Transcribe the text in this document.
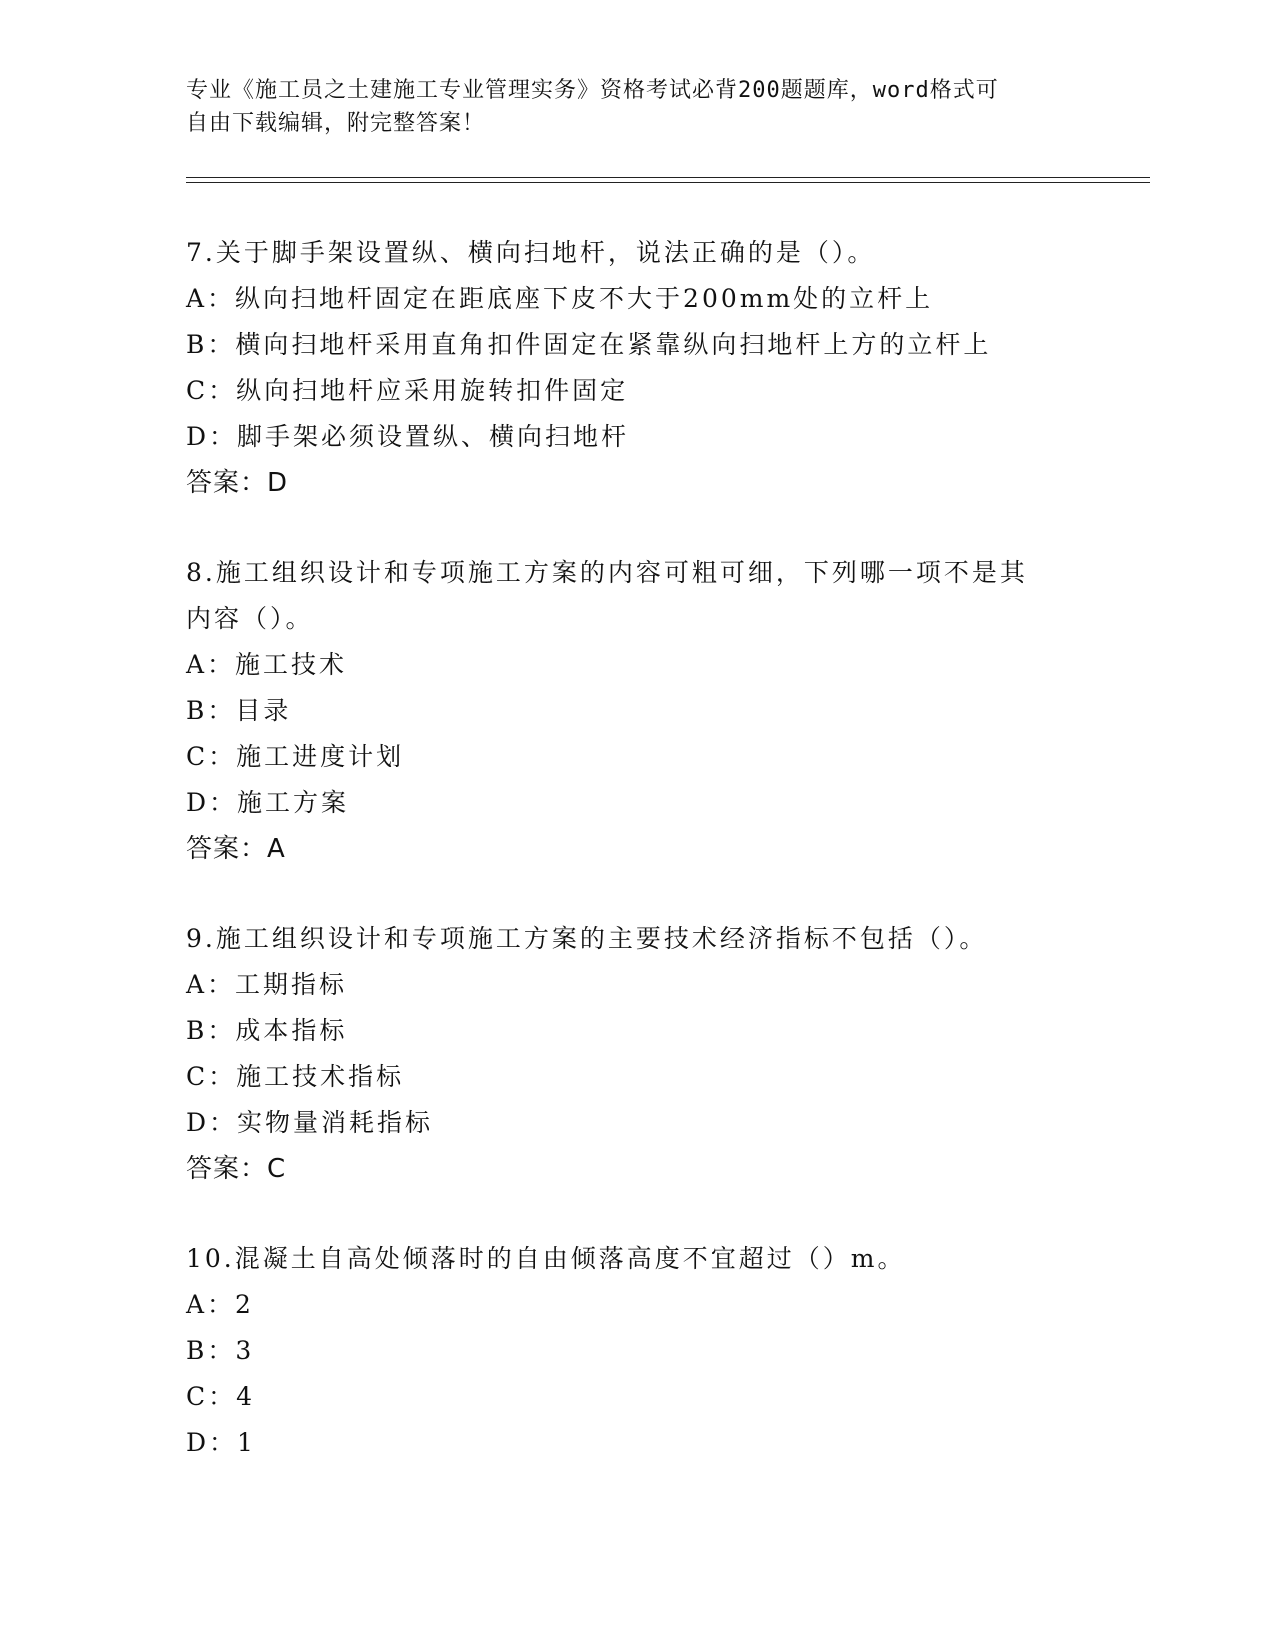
专业《施工员之土建施工专业管理实务》资格考试必背200题题库，word格式可
自由下载编辑，附完整答案！
7.关于脚手架设置纵、横向扫地杆，说法正确的是（）。
A：纵向扫地杆固定在距底座下皮不大于200mm处的立杆上
B：横向扫地杆采用直角扣件固定在紧靠纵向扫地杆上方的立杆上
C：纵向扫地杆应采用旋转扣件固定
D：脚手架必须设置纵、横向扫地杆
答案：D
8.施工组织设计和专项施工方案的内容可粗可细，下列哪一项不是其
内容（）。
A：施工技术
B：目录
C：施工进度计划
D：施工方案
答案：A
9.施工组织设计和专项施工方案的主要技术经济指标不包括（）。
A：工期指标
B：成本指标
C：施工技术指标
D：实物量消耗指标
答案：C
10.混凝土自高处倾落时的自由倾落高度不宜超过（）m。
A：2
B：3
C：4
D：1
